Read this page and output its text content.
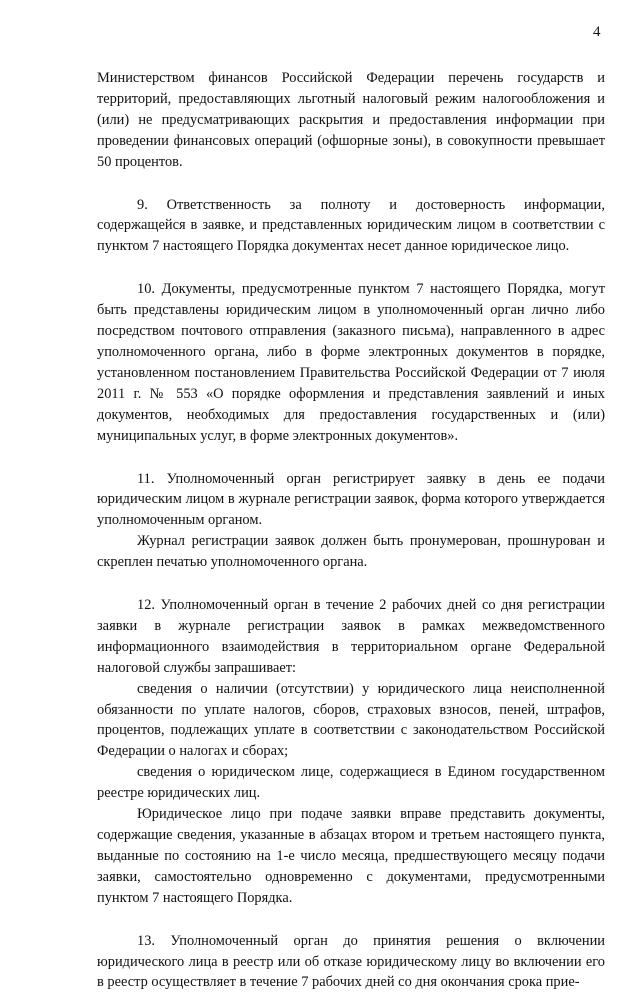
4

Министерством финансов Российской Федерации перечень государств и территорий, предоставляющих льготный налоговый режим налогообложения и (или) не предусматривающих раскрытия и предоставления информации при проведении финансовых операций (офшорные зоны), в совокупности превышает 50 процентов.

9. Ответственность за полноту и достоверность информации, содержащейся в заявке, и представленных юридическим лицом в соответствии с пунктом 7 настоящего Порядка документах несет данное юридическое лицо.

10. Документы, предусмотренные пунктом 7 настоящего Порядка, могут быть представлены юридическим лицом в уполномоченный орган лично либо посредством почтового отправления (заказного письма), направленного в адрес уполномоченного органа, либо в форме электронных документов в порядке, установленном постановлением Правительства Российской Федерации от 7 июля 2011 г. № 553 «О порядке оформления и представления заявлений и иных документов, необходимых для предоставления государственных и (или) муниципальных услуг, в форме электронных документов».

11. Уполномоченный орган регистрирует заявку в день ее подачи юридическим лицом в журнале регистрации заявок, форма которого утверждается уполномоченным органом.

Журнал регистрации заявок должен быть пронумерован, прошнурован и скреплен печатью уполномоченного органа.

12. Уполномоченный орган в течение 2 рабочих дней со дня регистрации заявки в журнале регистрации заявок в рамках межведомственного информационного взаимодействия в территориальном органе Федеральной налоговой службы запрашивает:

сведения о наличии (отсутствии) у юридического лица неисполненной обязанности по уплате налогов, сборов, страховых взносов, пеней, штрафов, процентов, подлежащих уплате в соответствии с законодательством Российской Федерации о налогах и сборах;

сведения о юридическом лице, содержащиеся в Едином государственном реестре юридических лиц.

Юридическое лицо при подаче заявки вправе представить документы, содержащие сведения, указанные в абзацах втором и третьем настоящего пункта, выданные по состоянию на 1-е число месяца, предшествующего месяцу подачи заявки, самостоятельно одновременно с документами, предусмотренными пунктом 7 настоящего Порядка.

13. Уполномоченный орган до принятия решения о включении юридического лица в реестр или об отказе юридическому лицу во включении его в реестр осуществляет в течение 7 рабочих дней со дня окончания срока прие-
